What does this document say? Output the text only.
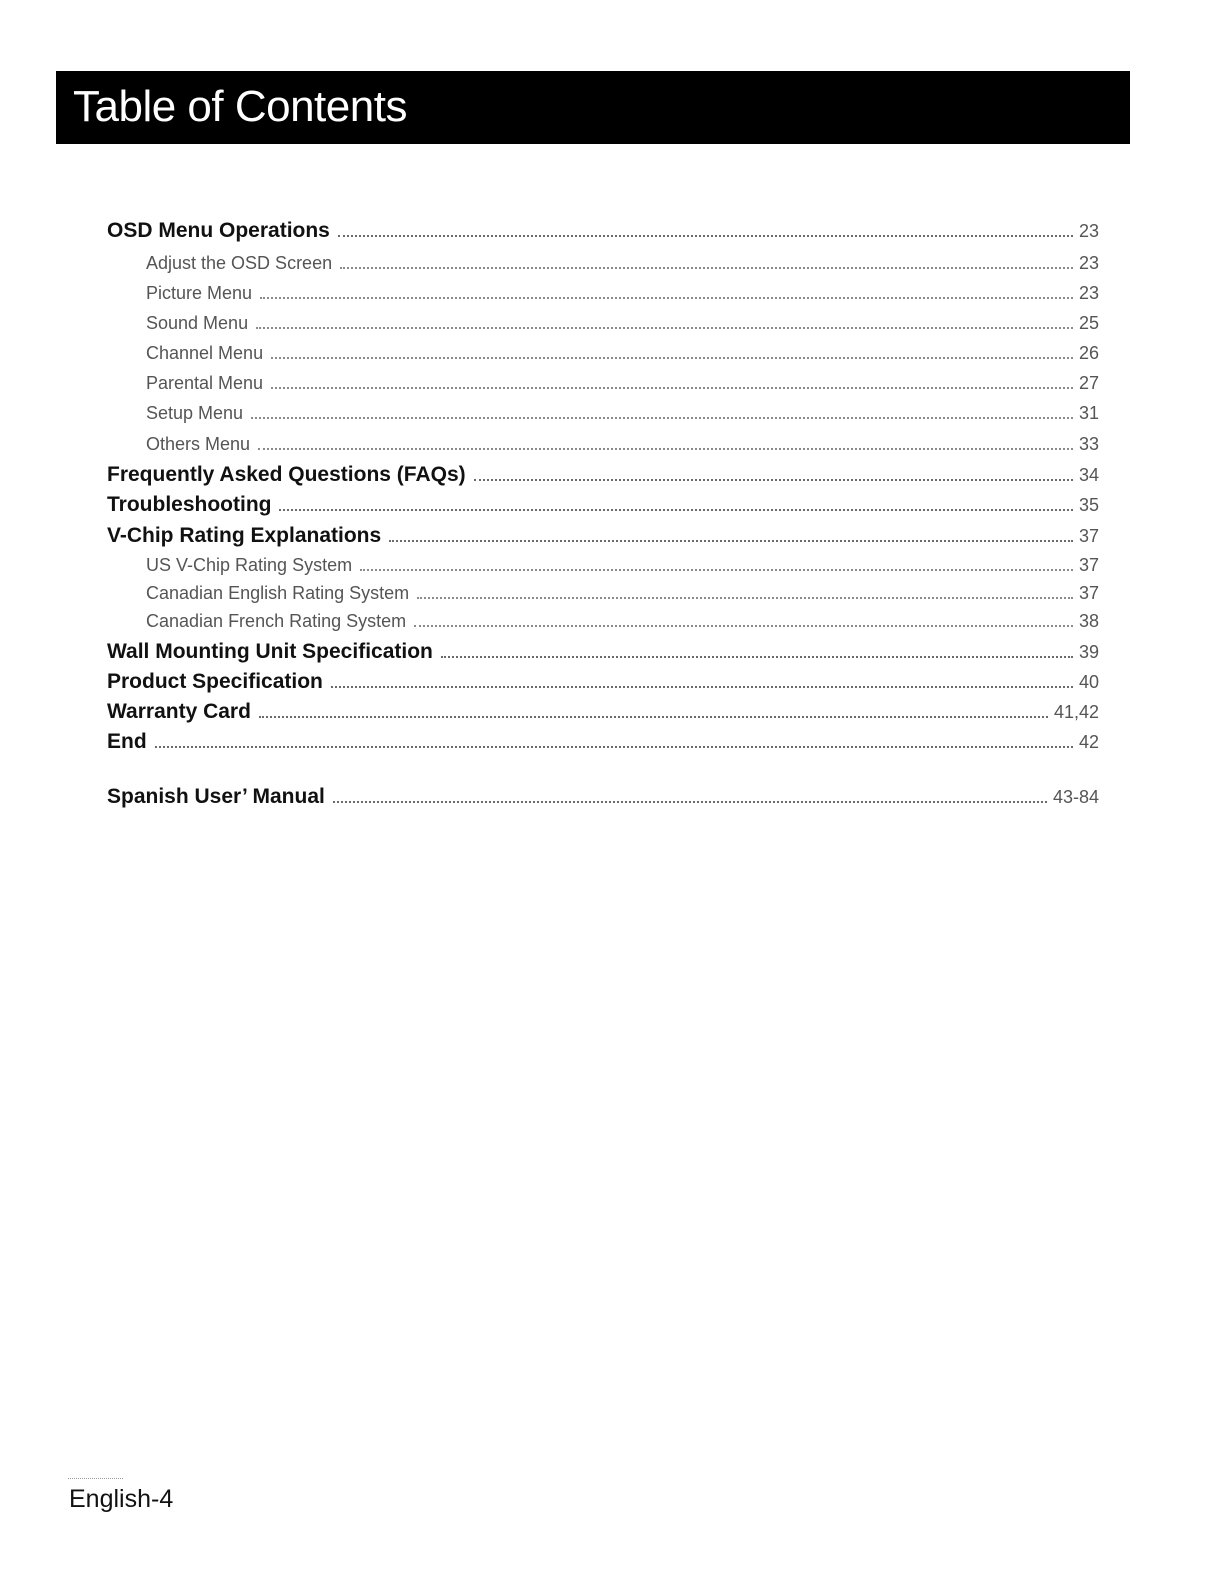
Table of Contents
OSD Menu Operations	23
Adjust the OSD Screen	23
Picture Menu	23
Sound Menu	25
Channel Menu	26
Parental Menu	27
Setup Menu	31
Others Menu	33
Frequently Asked Questions (FAQs)	34
Troubleshooting	35
V-Chip Rating Explanations	37
US V-Chip Rating System	37
Canadian English Rating System	37
Canadian French Rating System	38
Wall Mounting Unit Specification	39
Product Specification	40
Warranty Card	41,42
End	42
Spanish User’ Manual	43-84
English-4
